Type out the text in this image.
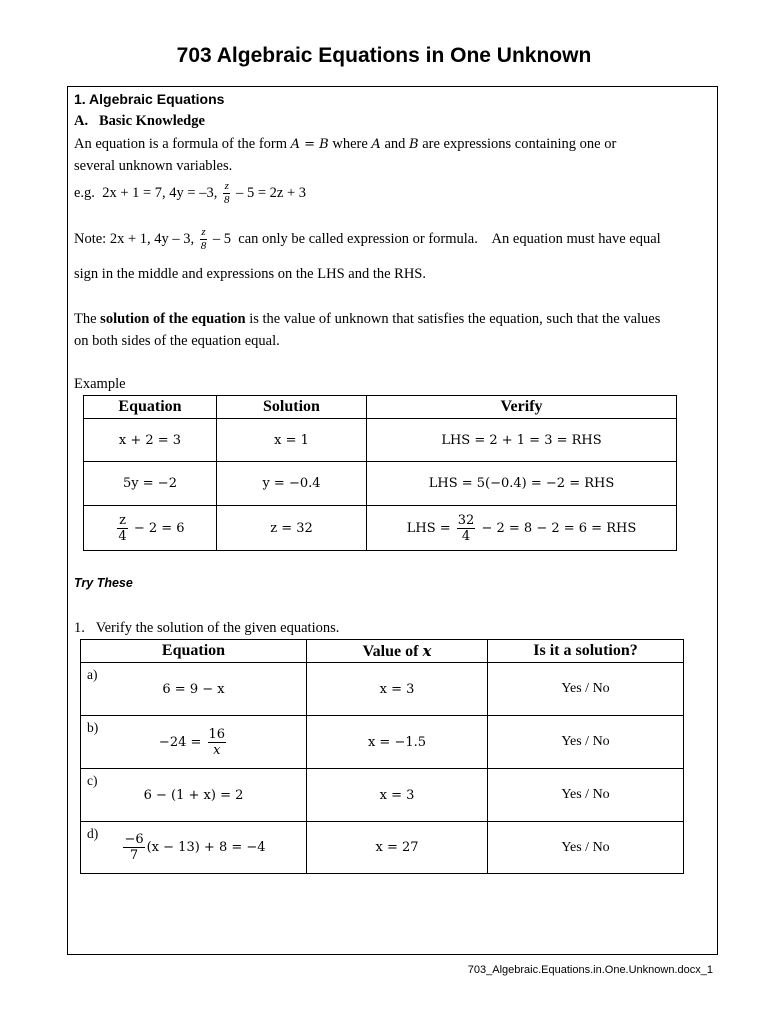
703 Algebraic Equations in One Unknown
1. Algebraic Equations
A. Basic Knowledge
An equation is a formula of the form A = B where A and B are expressions containing one or
several unknown variables.
e.g. 2x + 1 = 7, 4y = –3, $\frac{z}{8} - 5 = 2z + 3$
Note: 2x + 1, 4y – 3, $\frac{z}{8} - 5$ can only be called expression or formula.    An equation must have equal
sign in the middle and expressions on the LHS and the RHS.
The solution of the equation is the value of unknown that satisfies the equation, such that the values
on both sides of the equation equal.
Example
Equation	Solution	Verify
x + 2 = 3	x = 1	LHS = 2 + 1 = 3 = RHS
5y = −2	y = −0.4	LHS = 5(−0.4) = −2 = RHS

$\frac{z}{4} - 2 = 6$	z = 32	LHS = $\frac{32}{4} - 2 = 8 - 2 = 6$ = RHS
Try These
1. Verify the solution of the given equations.
Equation	Value of x	Is it a solution?

a)
6 = 9 − x	x = 3	Yes / No

b)
$-24 = \frac{16}{x}$	x = −1.5	Yes / No

c)
6 − (1 + x) = 2	x = 3	Yes / No

$d) \frac{-6}{7} (x - 13) + 8 = -4$	x = 27	Yes / No
703_Algebraic.Equations.in.One.Unknown.docx_1
